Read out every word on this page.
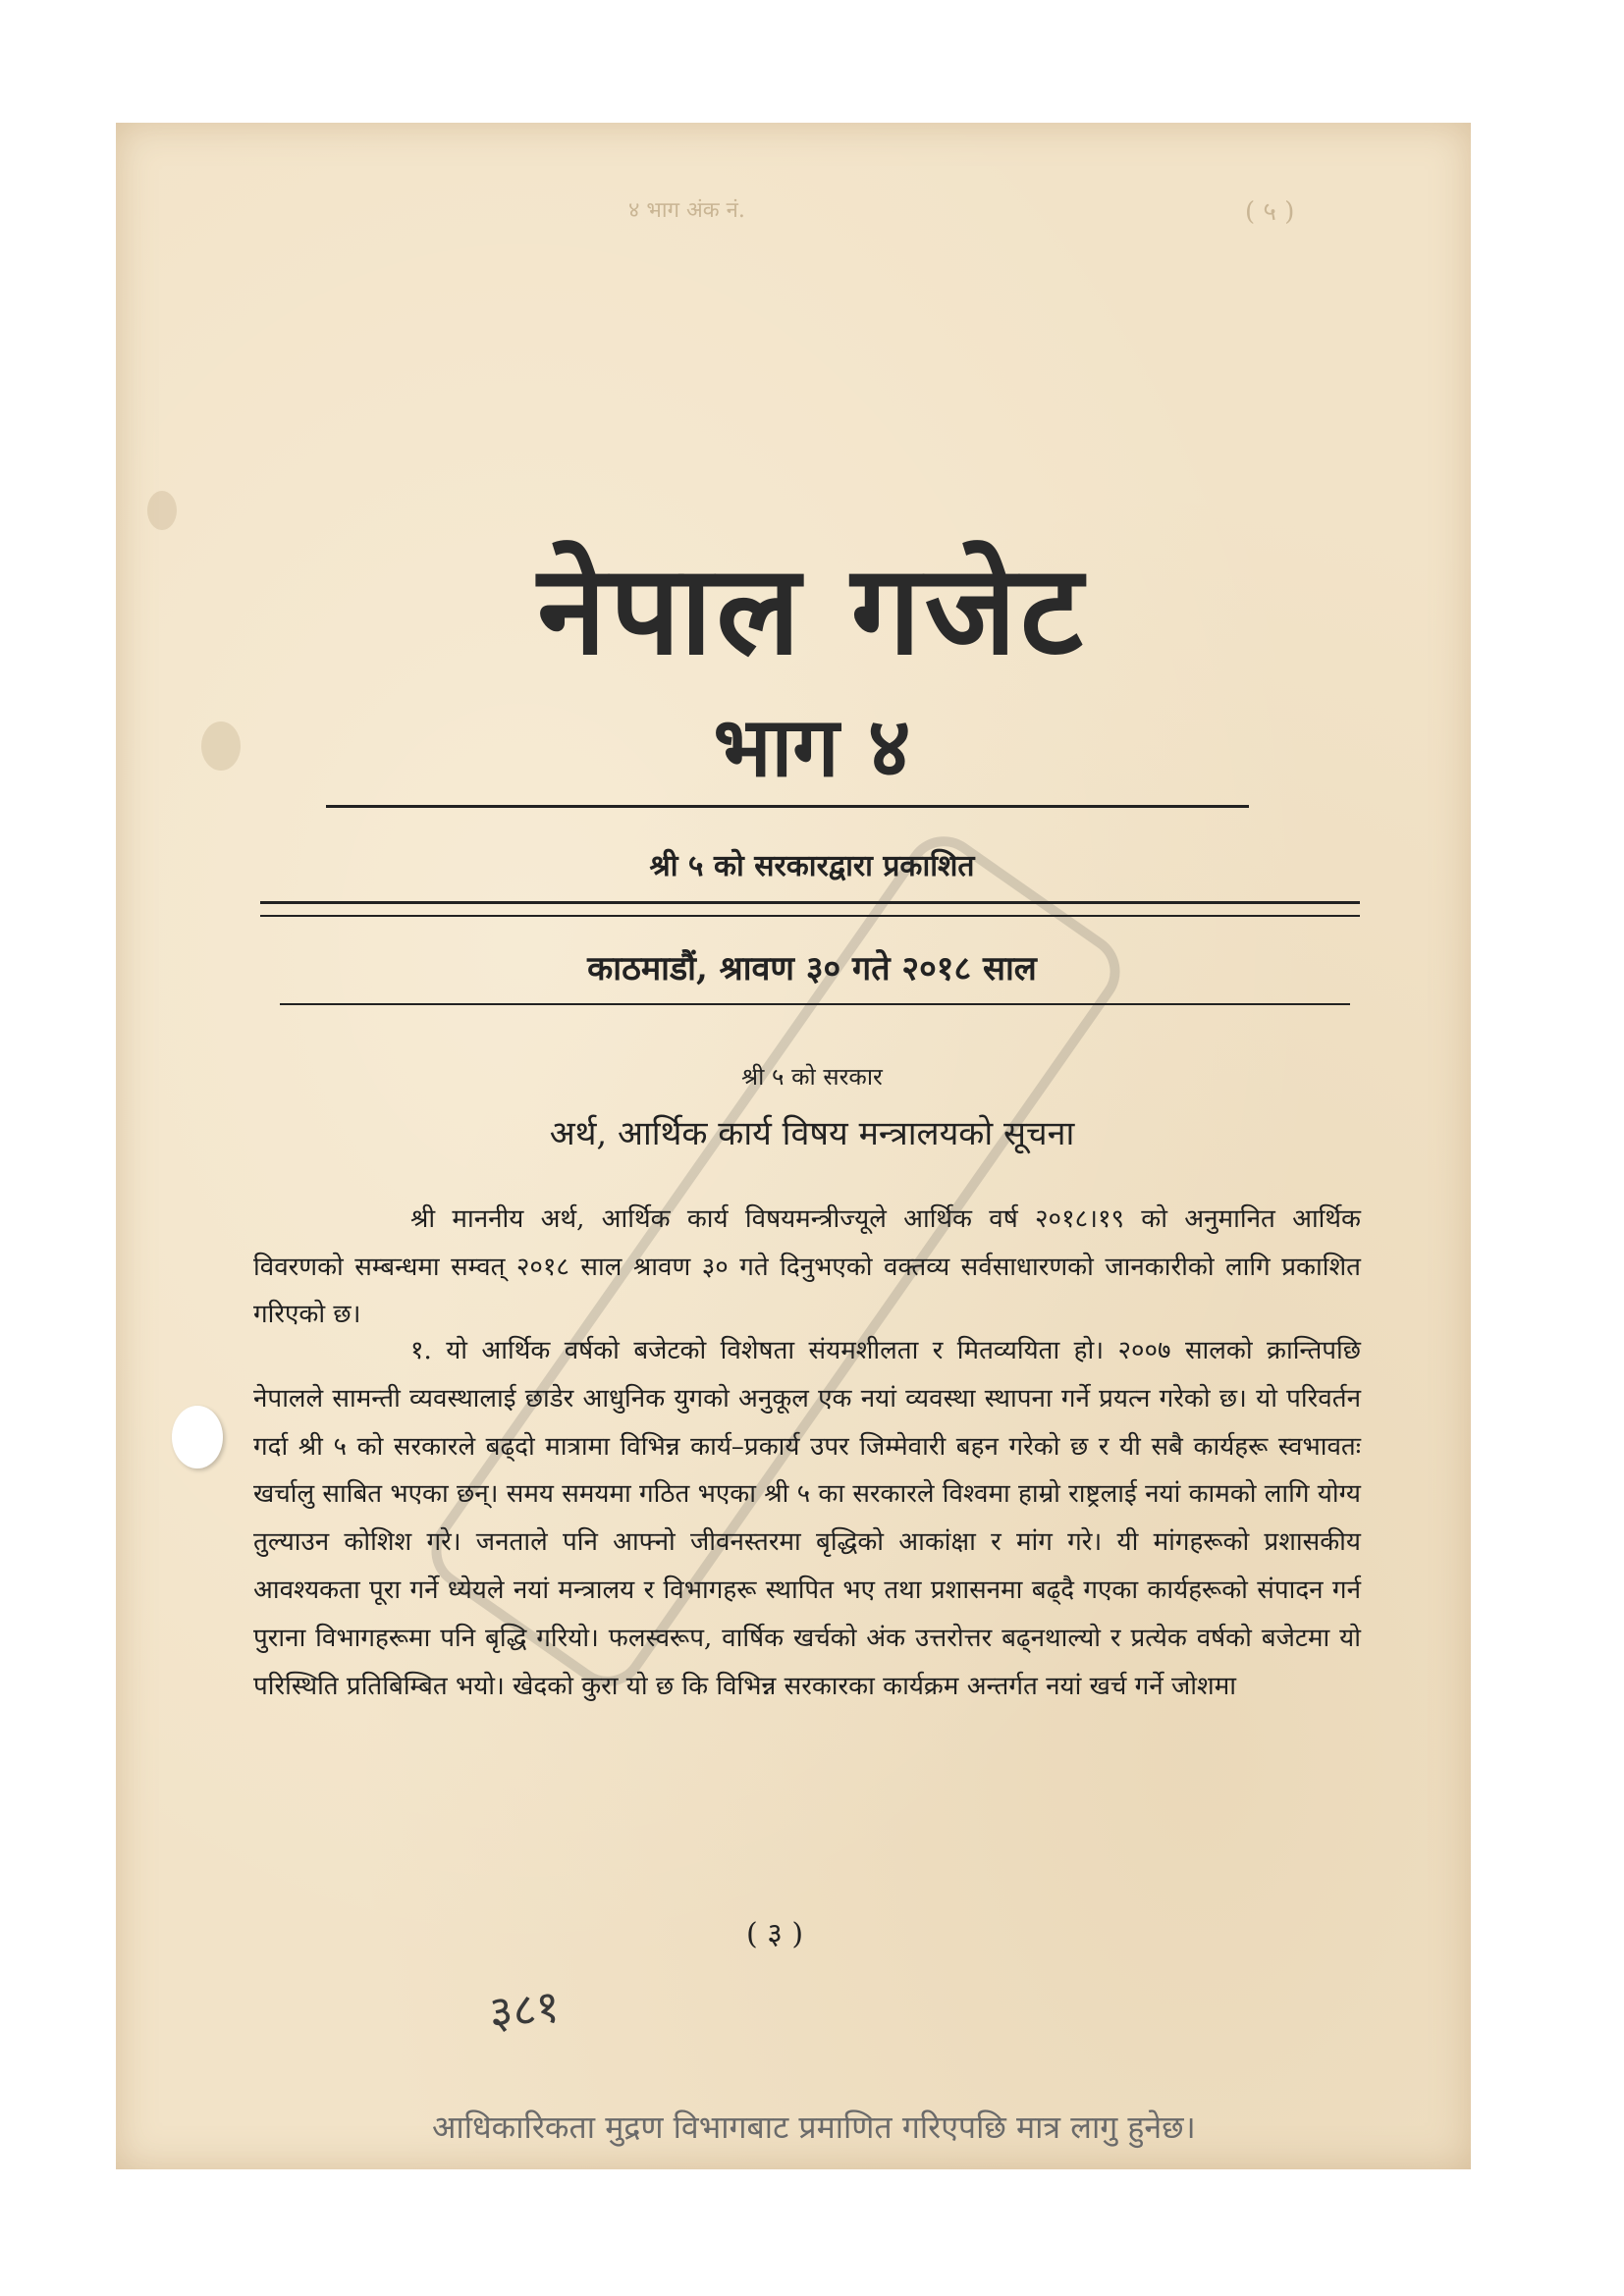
४ भाग अंक नं.	( ५ )
नेपाल गजेट
भाग ४
श्री ५ को सरकारद्वारा प्रकाशित
काठमाडौं, श्रावण ३० गते २०१८ साल
श्री ५ को सरकार
अर्थ, आर्थिक कार्य विषय मन्त्रालयको सूचना
श्री माननीय अर्थ, आर्थिक कार्य विषयमन्त्रीज्यूले आर्थिक वर्ष २०१८।१९ को अनुमानित आर्थिक विवरणको सम्बन्धमा सम्वत् २०१८ साल श्रावण ३० गते दिनुभएको वक्तव्य सर्वसाधारणको जानकारीको लागि प्रकाशित गरिएको छ।
१. यो आर्थिक वर्षको बजेटको विशेषता संयमशीलता र मितव्ययिता हो। २००७ सालको क्रान्तिपछि नेपालले सामन्ती व्यवस्थालाई छाडेर आधुनिक युगको अनुकूल एक नयां व्यवस्था स्थापना गर्ने प्रयत्न गरेको छ। यो परिवर्तन गर्दा श्री ५ को सरकारले बढ्दो मात्रामा विभिन्न कार्य–प्रकार्य उपर जिम्मेवारी बहन गरेको छ र यी सबै कार्यहरू स्वभावतः खर्चालु साबित भएका छन्। समय समयमा गठित भएका श्री ५ का सरकारले विश्वमा हाम्रो राष्ट्रलाई नयां कामको लागि योग्य तुल्याउन कोशिश गरे। जनताले पनि आफ्नो जीवनस्तरमा बृद्धिको आकांक्षा र मांग गरे। यी मांगहरूको प्रशासकीय आवश्यकता पूरा गर्ने ध्येयले नयां मन्त्रालय र विभागहरू स्थापित भए तथा प्रशासनमा बढ्दै गएका कार्यहरूको संपादन गर्न पुराना विभागहरूमा पनि बृद्धि गरियो। फलस्वरूप, वार्षिक खर्चको अंक उत्तरोत्तर बढ्नथाल्यो र प्रत्येक वर्षको बजेटमा यो परिस्थिति प्रतिबिम्बित भयो। खेदको कुरा यो छ कि विभिन्न सरकारका कार्यक्रम अन्तर्गत नयां खर्च गर्ने जोशमा
( ३ )
३८१
आधिकारिकता मुद्रण विभागबाट प्रमाणित गरिएपछि मात्र लागु हुनेछ।
